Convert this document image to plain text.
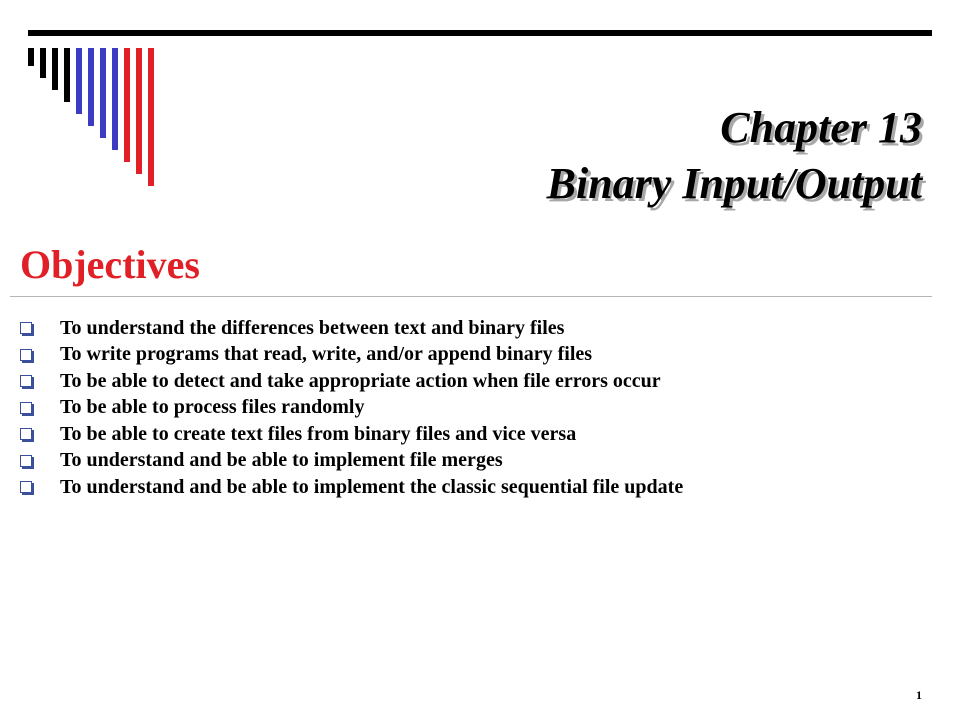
Chapter 13
Binary Input/Output
Objectives
To understand the differences between text and binary files
To write programs that read, write, and/or append binary files
To be able to detect and take appropriate action when file errors occur
To be able to process files randomly
To be able to create text files from binary files and vice versa
To understand and be able to implement file merges
To understand and be able to implement the classic sequential file update
1
